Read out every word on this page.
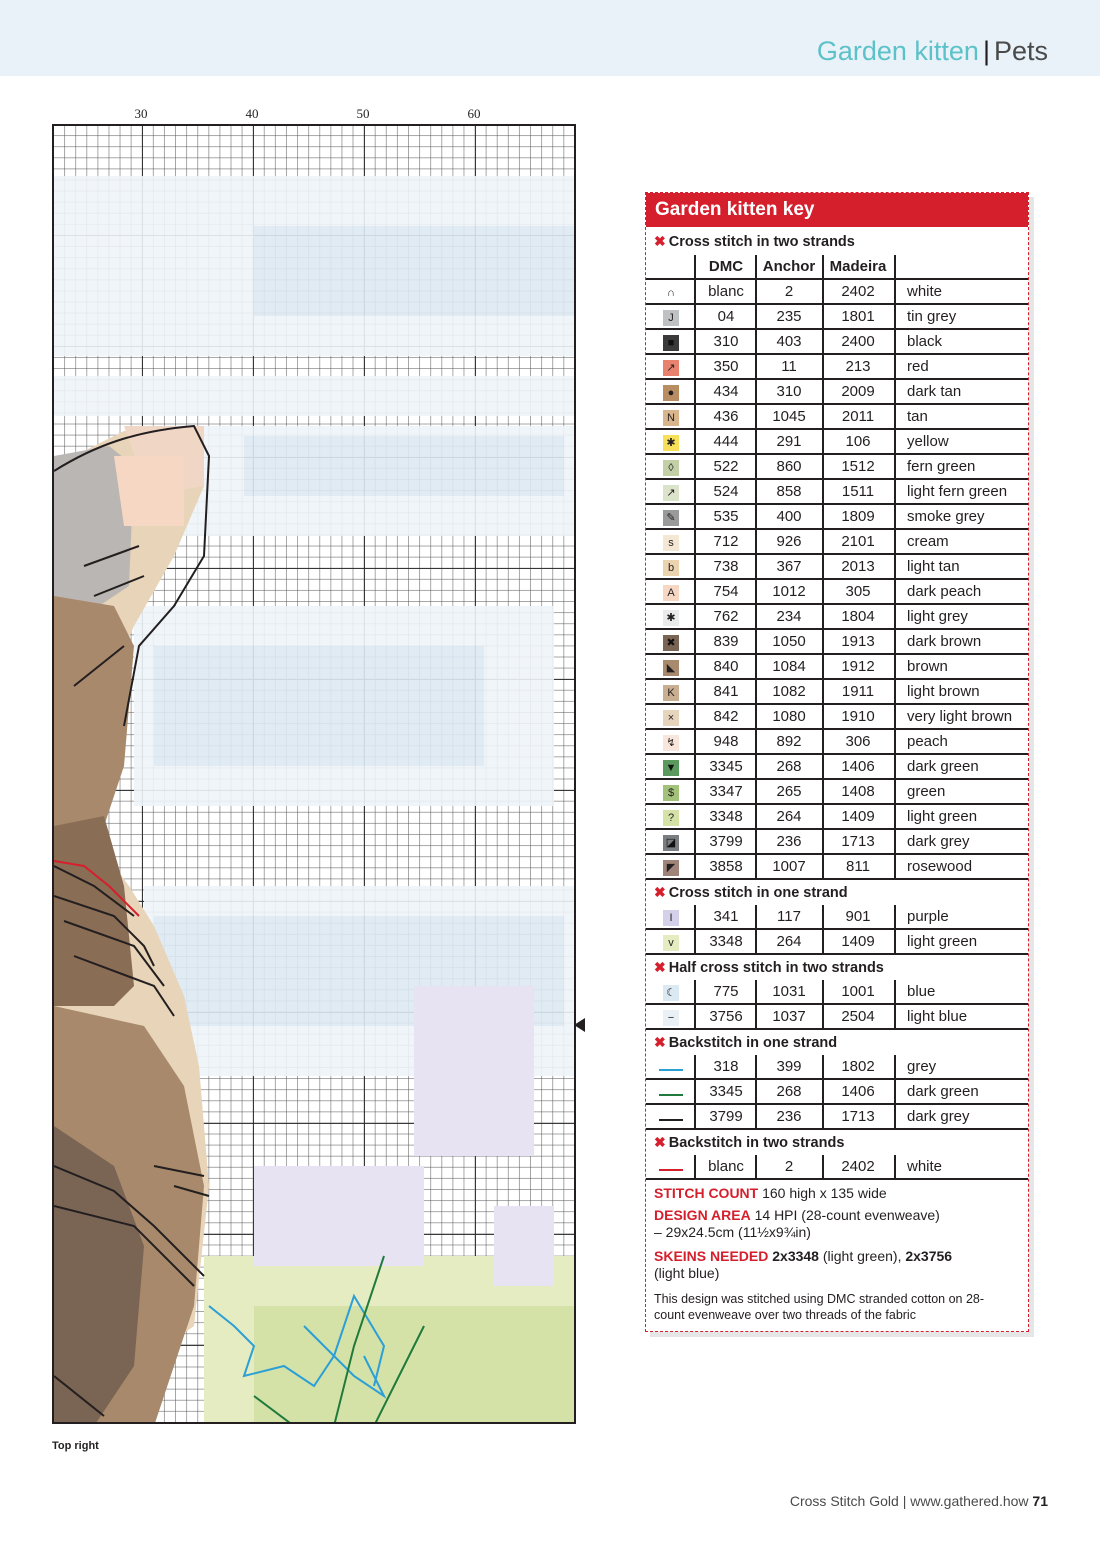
Garden kitten | Pets
30	40	50	60
Top right
Garden kitten key
✖ Cross stitch in two strands
DMC	Anchor Madeira
∩	blanc	2	2402	white
J	04	235	1801	tin grey
■	310	403	2400	black
↗	350	11	213	red
●	434	310	2009	dark tan
N	436	1045	2011	tan
✱	444	291	106	yellow
◊	522	860	1512	fern green
↗	524	858	1511	light fern green
✎	535	400	1809	smoke grey
s	712	926	2101	cream
b	738	367	2013	light tan
A	754	1012	305	dark peach
✱	762	234	1804	light grey
✖	839	1050	1913	dark brown
◣	840	1084	1912	brown
K	841	1082	1911	light brown
×	842	1080	1910	very light brown
↯	948	892	306	peach
▼	3345	268	1406	dark green
$	3347	265	1408	green
?	3348	264	1409	light green
◪	3799	236	1713	dark grey
◤	3858	1007	811	rosewood
✖ Cross stitch in one strand
I	341	117	901	purple
v	3348	264	1409	light green
✖ Half cross stitch in two strands
☾	775	1031	1001	blue
−	3756	1037	2504	light blue
✖ Backstitch in one strand
318	399	1802	grey
3345	268	1406	dark green
3799	236	1713	dark grey
✖ Backstitch in two strands
blanc	2	2402	white
STITCH COUNT 160 high x 135 wide
DESIGN AREA 14 HPI (28-count evenweave)
– 29x24.5cm (11½x9¾in)
SKEINS NEEDED 2x3348 (light green), 2x3756
(light blue)
This design was stitched using DMC stranded cotton on 28-count evenweave over two threads of the fabric
Cross Stitch Gold | www.gathered.how 71
